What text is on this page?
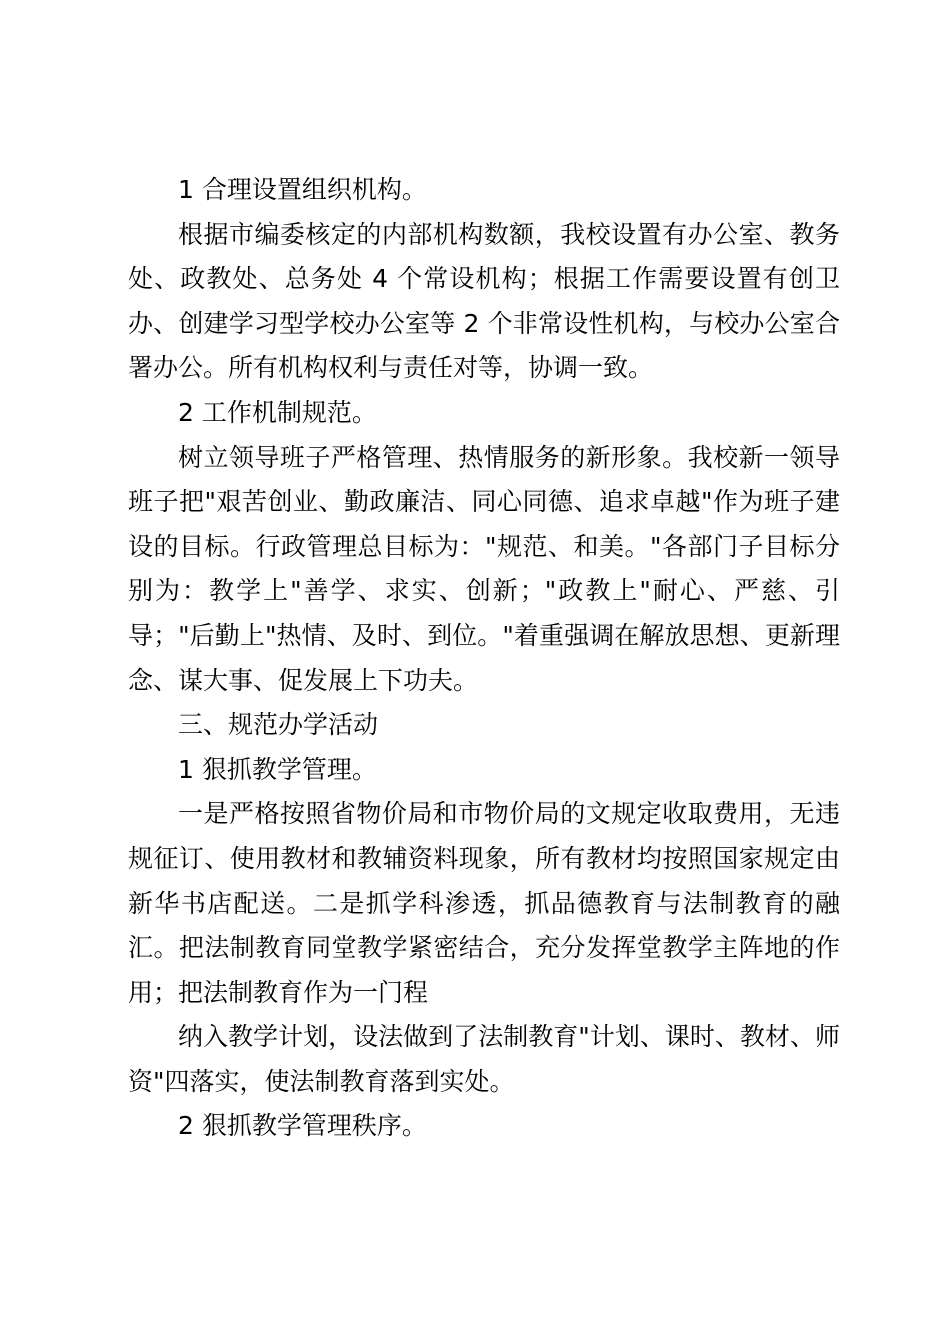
1 合理设置组织机构。

根据市编委核定的内部机构数额，我校设置有办公室、教务处、政教处、总务处 4 个常设机构；根据工作需要设置有创卫办、创建学习型学校办公室等 2 个非常设性机构，与校办公室合署办公。所有机构权利与责任对等，协调一致。

2 工作机制规范。

树立领导班子严格管理、热情服务的新形象。我校新一领导班子把"艰苦创业、勤政廉洁、同心同德、追求卓越"作为班子建设的目标。行政管理总目标为："规范、和美。"各部门子目标分别为：教学上"善学、求实、创新；"政教上"耐心、严慈、引导；"后勤上"热情、及时、到位。"着重强调在解放思想、更新理念、谋大事、促发展上下功夫。

三、规范办学活动

1 狠抓教学管理。

一是严格按照省物价局和市物价局的文规定收取费用，无违规征订、使用教材和教辅资料现象，所有教材均按照国家规定由新华书店配送。二是抓学科渗透，抓品德教育与法制教育的融汇。把法制教育同堂教学紧密结合，充分发挥堂教学主阵地的作用；把法制教育作为一门程

纳入教学计划，设法做到了法制教育"计划、课时、教材、师资"四落实，使法制教育落到实处。

2 狠抓教学管理秩序。
